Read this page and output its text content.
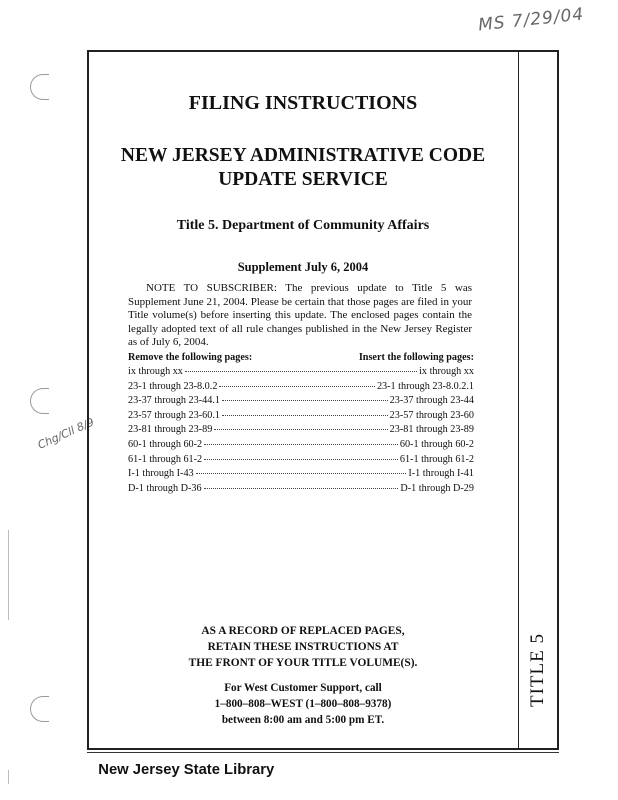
MS 7/29/04
Chg/Cll 8/9
TITLE 5
FILING INSTRUCTIONS
NEW JERSEY ADMINISTRATIVE CODE
UPDATE SERVICE
Title 5. Department of Community Affairs
Supplement July 6, 2004
NOTE TO SUBSCRIBER: The previous update to Title 5 was Supplement June 21, 2004. Please be certain that those pages are filed in your Title volume(s) before inserting this update. The enclosed pages contain the legally adopted text of all rule changes published in the New Jersey Register as of July 6, 2004.
Remove the following pages:	Insert the following pages:
ix through xx	ix through xx
23-1 through 23-8.0.2	23-1 through 23-8.0.2.1
23-37 through 23-44.1	23-37 through 23-44
23-57 through 23-60.1	23-57 through 23-60
23-81 through 23-89	23-81 through 23-89
60-1 through 60-2	60-1 through 60-2
61-1 through 61-2	61-1 through 61-2
I-1 through I-43	I-1 through I-41
D-1 through D-36	D-1 through D-29
AS A RECORD OF REPLACED PAGES,
RETAIN THESE INSTRUCTIONS AT
THE FRONT OF YOUR TITLE VOLUME(S).
For West Customer Support, call
1–800–808–WEST (1–800–808–9378)
between 8:00 am and 5:00 pm ET.
New Jersey State Library
